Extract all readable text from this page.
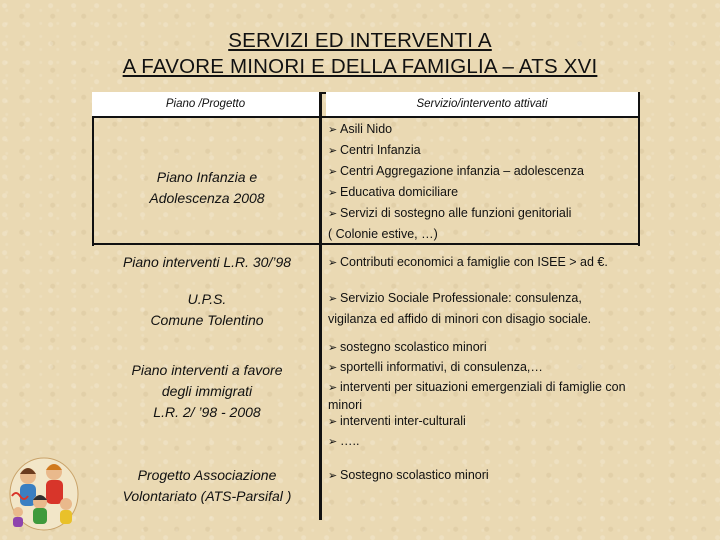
SERVIZI ED INTERVENTI A
A FAVORE MINORI E DELLA FAMIGLIA – ATS XVI
Piano /Progetto	Servizio/intervento attivati
Piano Infanzia e
Adolescenza 2008
➢ Asili Nido
➢ Centri Infanzia
➢ Centri Aggregazione infanzia – adolescenza
➢ Educativa domiciliare
➢ Servizi di sostegno alle funzioni genitoriali
( Colonie estive, …)
Piano interventi L.R. 30/’98	➢ Contributi economici a famiglie con ISEE > ad €.
U.P.S.
Comune Tolentino
➢ Servizio Sociale Professionale: consulenza,
vigilanza ed affido di minori con disagio sociale.
Piano interventi a favore
degli immigrati
L.R. 2/ ’98 - 2008
➢ sostegno scolastico minori
➢ sportelli informativi, di consulenza,…
➢ interventi per situazioni emergenziali di famiglie con
minori
➢ interventi inter-culturali
➢ …..
Progetto Associazione
Volontariato (ATS-Parsifal )
➢ Sostegno scolastico minori
